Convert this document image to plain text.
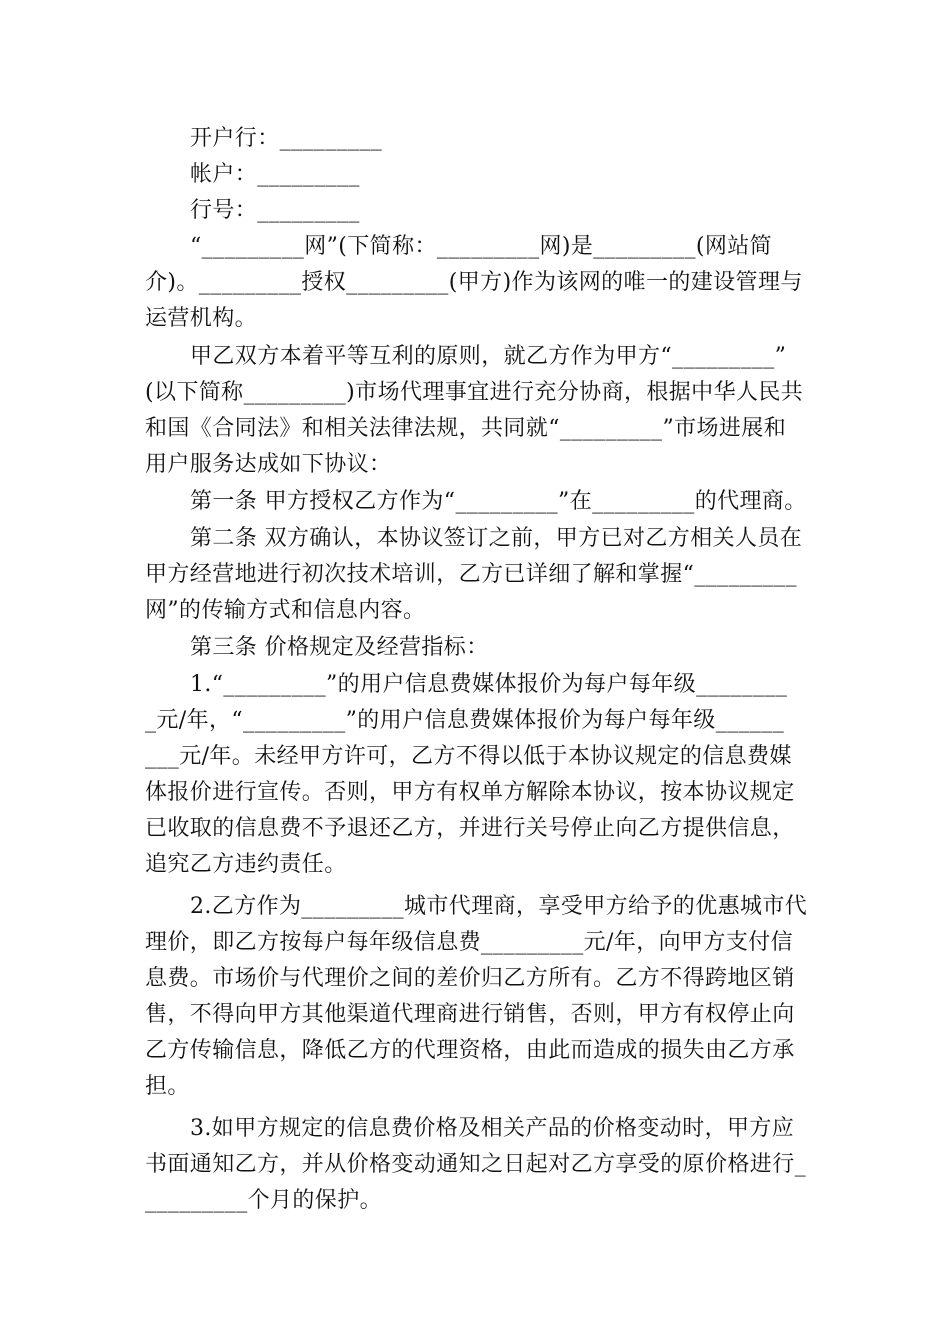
开户行：_________
帐户：_________
行号：_________
“_________网”(下简称：_________网)是_________(网站简
介)。_________授权_________(甲方)作为该网的唯一的建设管理与
运营机构。
甲乙双方本着平等互利的原则，就乙方作为甲方“_________”
(以下简称_________)市场代理事宜进行充分协商，根据中华人民共
和国《合同法》和相关法律法规，共同就“_________”市场进展和
用户服务达成如下协议：
第一条 甲方授权乙方作为“_________”在_________的代理商。
第二条 双方确认，本协议签订之前，甲方已对乙方相关人员在
甲方经营地进行初次技术培训，乙方已详细了解和掌握“_________
网”的传输方式和信息内容。
第三条 价格规定及经营指标：
1.“_________”的用户信息费媒体报价为每户每年级________
_元/年，“_________”的用户信息费媒体报价为每户每年级______
___元/年。未经甲方许可，乙方不得以低于本协议规定的信息费媒
体报价进行宣传。否则，甲方有权单方解除本协议，按本协议规定
已收取的信息费不予退还乙方，并进行关号停止向乙方提供信息，
追究乙方违约责任。
2.乙方作为_________城市代理商，享受甲方给予的优惠城市代
理价，即乙方按每户每年级信息费_________元/年，向甲方支付信
息费。市场价与代理价之间的差价归乙方所有。乙方不得跨地区销
售，不得向甲方其他渠道代理商进行销售，否则，甲方有权停止向
乙方传输信息，降低乙方的代理资格，由此而造成的损失由乙方承
担。
3.如甲方规定的信息费价格及相关产品的价格变动时，甲方应
书面通知乙方，并从价格变动通知之日起对乙方享受的原价格进行_
_________个月的保护。
